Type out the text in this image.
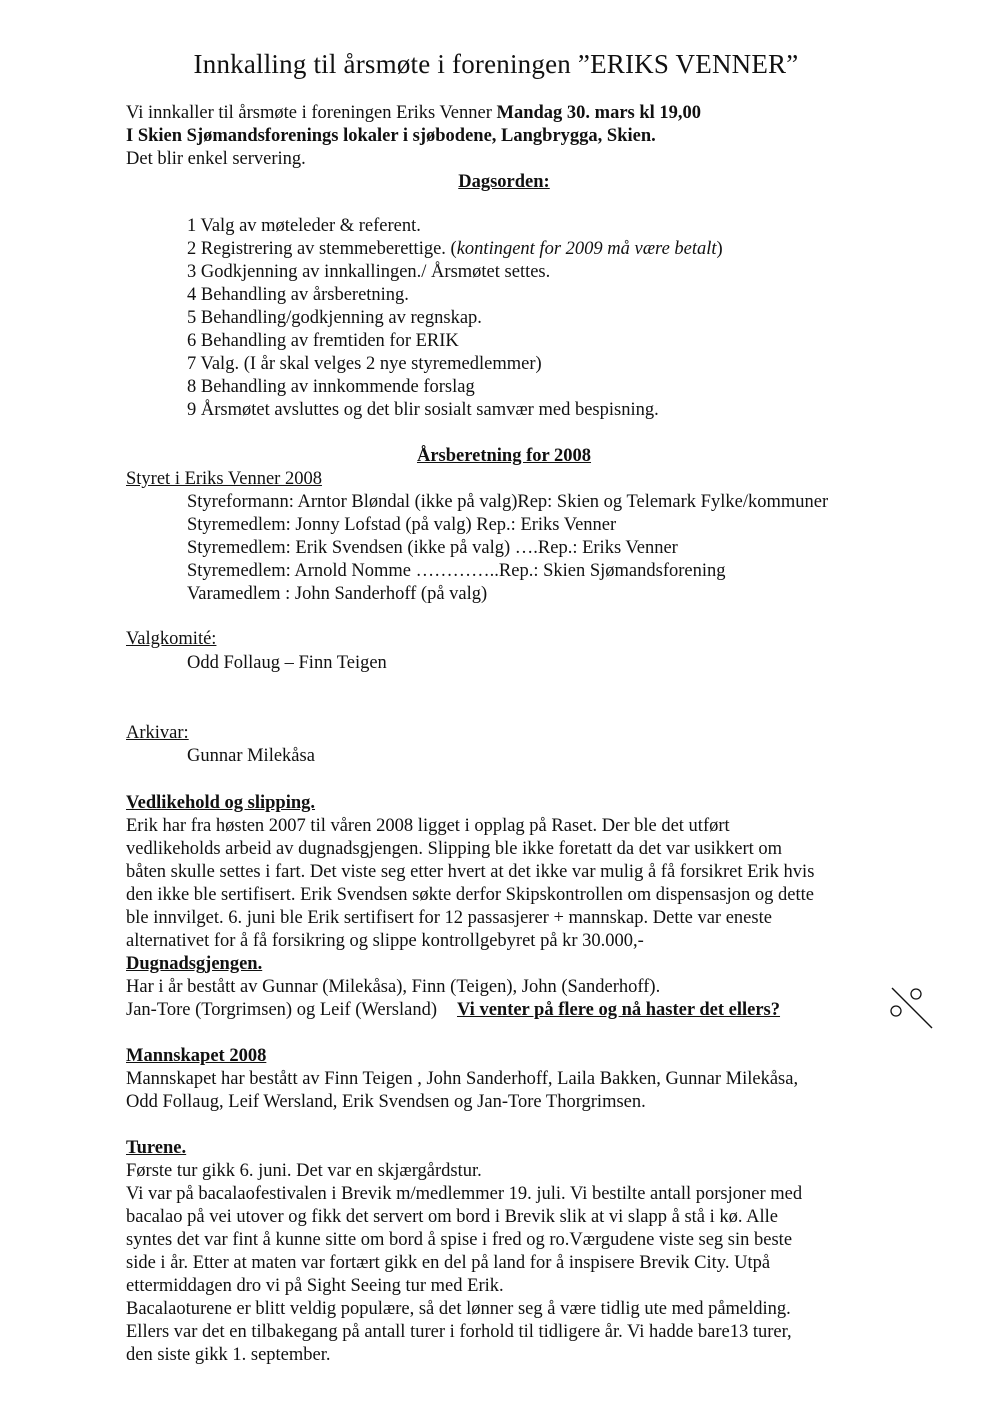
Innkalling til årsmøte i foreningen ”ERIKS VENNER”
Vi innkaller til årsmøte i foreningen Eriks Venner Mandag 30. mars kl 19,00
I Skien Sjømandsforenings lokaler i sjøbodene, Langbrygga, Skien.
Det blir enkel servering.
Dagsorden:
1 Valg av møteleder & referent.
2 Registrering av stemmeberettige. (kontingent for 2009 må være betalt)
3 Godkjenning av innkallingen./ Årsmøtet settes.
4 Behandling av årsberetning.
5 Behandling/godkjenning av regnskap.
6 Behandling av fremtiden for ERIK
7 Valg. (I år skal velges 2 nye styremedlemmer)
8 Behandling av innkommende forslag
9 Årsmøtet avsluttes og det blir sosialt samvær med bespisning.
Årsberetning for 2008
Styret i Eriks Venner 2008
Styreformann: Arntor Bløndal (ikke på valg)Rep: Skien og Telemark Fylke/kommuner
Styremedlem: Jonny Lofstad (på valg) Rep.: Eriks Venner
Styremedlem: Erik Svendsen (ikke på valg) ….Rep.: Eriks Venner
Styremedlem: Arnold Nomme …………..Rep.: Skien Sjømandsforening
Varamedlem : John Sanderhoff (på valg)
Valgkomité:
Odd Follaug – Finn Teigen
Arkivar:
Gunnar Milekåsa
Vedlikehold og slipping.
Erik har fra høsten 2007 til våren 2008 ligget i opplag på Raset. Der ble det utført
vedlikeholds arbeid av dugnadsgjengen. Slipping ble ikke foretatt da det var usikkert om
båten skulle settes i fart. Det viste seg etter hvert at det ikke var mulig å få forsikret Erik hvis
den ikke ble sertifisert. Erik Svendsen søkte derfor Skipskontrollen om dispensasjon og dette
ble innvilget. 6. juni ble Erik sertifisert for 12 passasjerer + mannskap. Dette var eneste
alternativet for å få forsikring og slippe kontrollgebyret på kr 30.000,-
Dugnadsgjengen.
Har i år bestått av Gunnar (Milekåsa), Finn (Teigen), John (Sanderhoff).
Jan-Tore (Torgrimsen) og Leif (Wersland) Vi venter på flere og nå haster det ellers?
Mannskapet 2008
Mannskapet har bestått av Finn Teigen , John Sanderhoff, Laila Bakken, Gunnar Milekåsa,
Odd Follaug, Leif Wersland, Erik Svendsen og Jan-Tore Thorgrimsen.
Turene.
Første tur gikk 6. juni. Det var en skjærgårdstur.
Vi var på bacalaofestivalen i Brevik m/medlemmer 19. juli. Vi bestilte antall porsjoner med
bacalao på vei utover og fikk det servert om bord i Brevik slik at vi slapp å stå i kø. Alle
syntes det var fint å kunne sitte om bord å spise i fred og ro.Værgudene viste seg sin beste
side i år. Etter at maten var fortært gikk en del på land for å inspisere Brevik City. Utpå
ettermiddagen dro vi på Sight Seeing tur med Erik.
Bacalaoturene er blitt veldig populære, så det lønner seg å være tidlig ute med påmelding.
Ellers var det en tilbakegang på antall turer i forhold til tidligere år. Vi hadde bare13 turer,
den siste gikk 1. september.
